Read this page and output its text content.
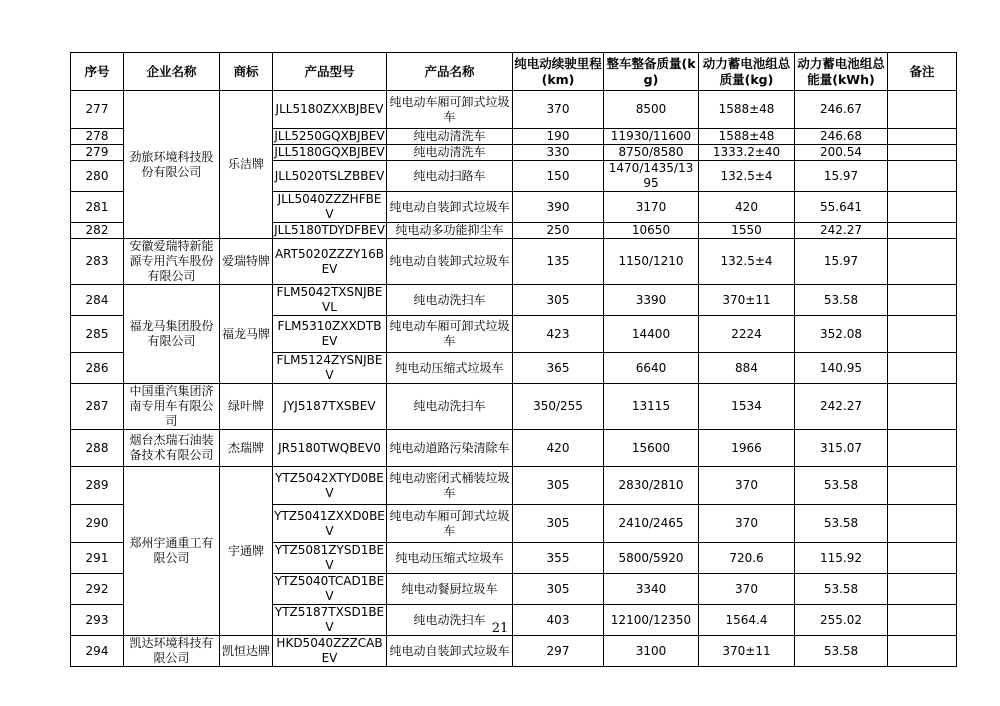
序号	企业名称	商标	产品型号	产品名称	纯电动续驶里程(km)	整车整备质量(kg)	动力蓄电池组总质量(kg)	动力蓄电池组总能量(kWh)	备注
277	劲旅环境科技股份有限公司	乐洁牌	JLL5180ZXXBJBEV	纯电动车厢可卸式垃圾车	370	8500	1588±48	246.67	
278			JLL5250GQXBJBEV	纯电动清洗车	190	11930/11600	1588±48	246.68	
279			JLL5180GQXBJBEV	纯电动清洗车	330	8750/8580	1333.2±40	200.54	
280			JLL5020TSLZBBEV	纯电动扫路车	150	1470/1435/1395	132.5±4	15.97	
281			JLL5040ZZZHFBEV	纯电动自装卸式垃圾车	390	3170	420	55.641	
282			JLL5180TDYDFBEV	纯电动多功能抑尘车	250	10650	1550	242.27	
283	安徽爱瑞特新能源专用汽车股份有限公司	爱瑞特牌	ART5020ZZZY16BEV	纯电动自装卸式垃圾车	135	1150/1210	132.5±4	15.97	
284	福龙马集团股份有限公司	福龙马牌	FLM5042TXSNJBEVL	纯电动洗扫车	305	3390	370±11	53.58	
285			FLM5310ZXXDTBEV	纯电动车厢可卸式垃圾车	423	14400	2224	352.08	
286			FLM5124ZYSNJBEV	纯电动压缩式垃圾车	365	6640	884	140.95	
287	中国重汽集团济南专用车有限公司	绿叶牌	JYJ5187TXSBEV	纯电动洗扫车	350/255	13115	1534	242.27	
288	烟台杰瑞石油装备技术有限公司	杰瑞牌	JR5180TWQBEV0	纯电动道路污染清除车	420	15600	1966	315.07	
289	郑州宇通重工有限公司	宇通牌	YTZ5042XTYD0BEV	纯电动密闭式桶装垃圾车	305	2830/2810	370	53.58	
290			YTZ5041ZXXD0BEV	纯电动车厢可卸式垃圾车	305	2410/2465	370	53.58	
291			YTZ5081ZYSD1BEV	纯电动压缩式垃圾车	355	5800/5920	720.6	115.92	
292			YTZ5040TCAD1BEV	纯电动餐厨垃圾车	305	3340	370	53.58	
293			YTZ5187TXSD1BEV	纯电动洗扫车	403	12100/12350	1564.4	255.02	
294	凯达环境科技有限公司	凯恒达牌	HKD5040ZZZCABEV	纯电动自装卸式垃圾车	297	3100	370±11	53.58	
21
